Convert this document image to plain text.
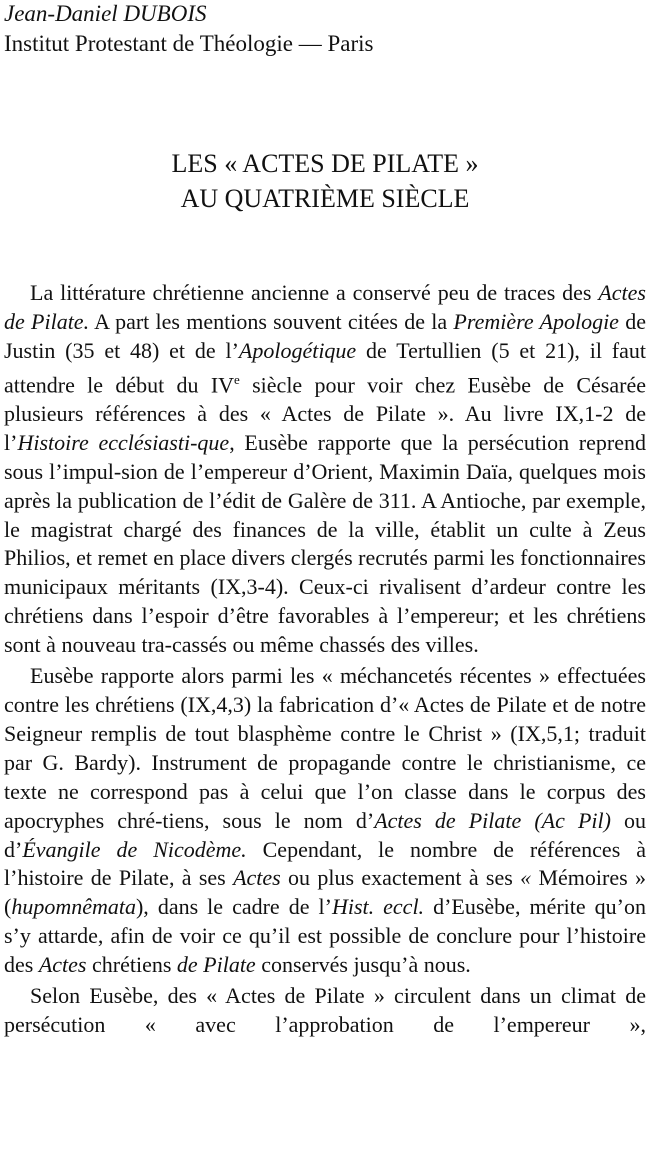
Jean-Daniel DUBOIS
Institut Protestant de Théologie — Paris
LES « ACTES DE PILATE »
AU QUATRIÈME SIÈCLE

La littérature chrétienne ancienne a conservé peu de traces des Actes de Pilate. A part les mentions souvent citées de la Première Apologie de Justin (35 et 48) et de l’Apologétique de Tertullien (5 et 21), il faut attendre le début du IVe siècle pour voir chez Eusèbe de Césarée plusieurs références à des « Actes de Pilate ». Au livre IX,1-2 de l’Histoire ecclésiasti-que, Eusèbe rapporte que la persécution reprend sous l’impul-sion de l’empereur d’Orient, Maximin Daïa, quelques mois après la publication de l’édit de Galère de 311. A Antioche, par exemple, le magistrat chargé des finances de la ville, établit un culte à Zeus Philios, et remet en place divers clergés recrutés parmi les fonctionnaires municipaux méritants (IX,3-4). Ceux-ci rivalisent d’ardeur contre les chrétiens dans l’espoir d’être favorables à l’empereur; et les chrétiens sont à nouveau tra-cassés ou même chassés des villes.

Eusèbe rapporte alors parmi les « méchancetés récentes » effectuées contre les chrétiens (IX,4,3) la fabrication d’« Actes de Pilate et de notre Seigneur remplis de tout blasphème contre le Christ » (IX,5,1; traduit par G. Bardy). Instrument de propagande contre le christianisme, ce texte ne correspond pas à celui que l’on classe dans le corpus des apocryphes chré-tiens, sous le nom d’Actes de Pilate (Ac Pil) ou d’Évangile de Nicodème. Cependant, le nombre de références à l’histoire de Pilate, à ses Actes ou plus exactement à ses « Mémoires » (hupomnêmata), dans le cadre de l’Hist. eccl. d’Eusèbe, mérite qu’on s’y attarde, afin de voir ce qu’il est possible de conclure pour l’histoire des Actes chrétiens de Pilate conservés jusqu’à nous.

Selon Eusèbe, des « Actes de Pilate » circulent dans un climat de persécution « avec l’approbation de l’empereur »,
